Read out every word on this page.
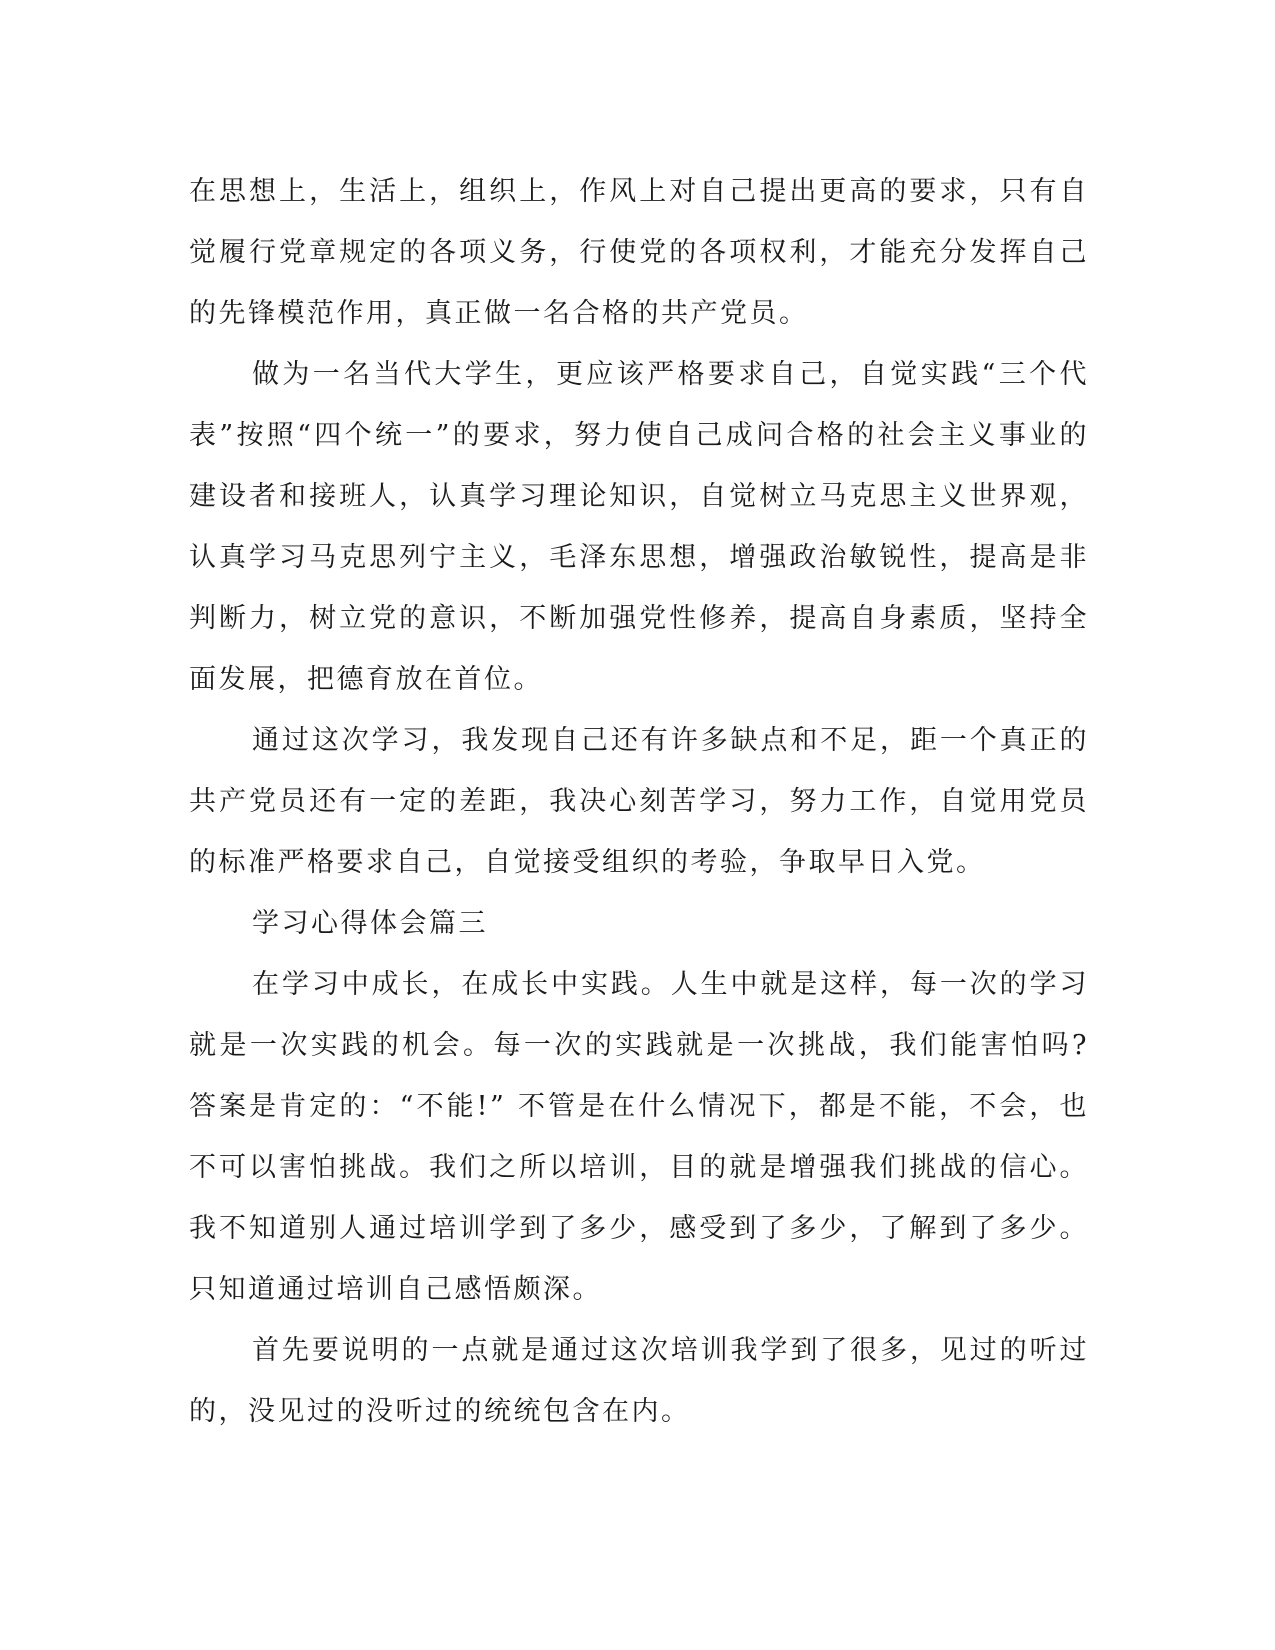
在思想上，生活上，组织上，作风上对自己提出更高的要求，只有自觉履行党章规定的各项义务，行使党的各项权利，才能充分发挥自己的先锋模范作用，真正做一名合格的共产党员。

做为一名当代大学生，更应该严格要求自己，自觉实践“三个代表”按照“四个统一”的要求，努力使自己成问合格的社会主义事业的建设者和接班人，认真学习理论知识，自觉树立马克思主义世界观，认真学习马克思列宁主义，毛泽东思想，增强政治敏锐性，提高是非判断力，树立党的意识，不断加强党性修养，提高自身素质，坚持全面发展，把德育放在首位。

通过这次学习，我发现自己还有许多缺点和不足，距一个真正的共产党员还有一定的差距，我决心刻苦学习，努力工作，自觉用党员的标准严格要求自己，自觉接受组织的考验，争取早日入党。

学习心得体会篇三

在学习中成长，在成长中实践。人生中就是这样，每一次的学习就是一次实践的机会。每一次的实践就是一次挑战，我们能害怕吗?答案是肯定的：“不能!” 不管是在什么情况下，都是不能，不会，也不可以害怕挑战。我们之所以培训，目的就是增强我们挑战的信心。我不知道别人通过培训学到了多少，感受到了多少，了解到了多少。只知道通过培训自己感悟颇深。

首先要说明的一点就是通过这次培训我学到了很多，见过的听过的，没见过的没听过的统统包含在内。
